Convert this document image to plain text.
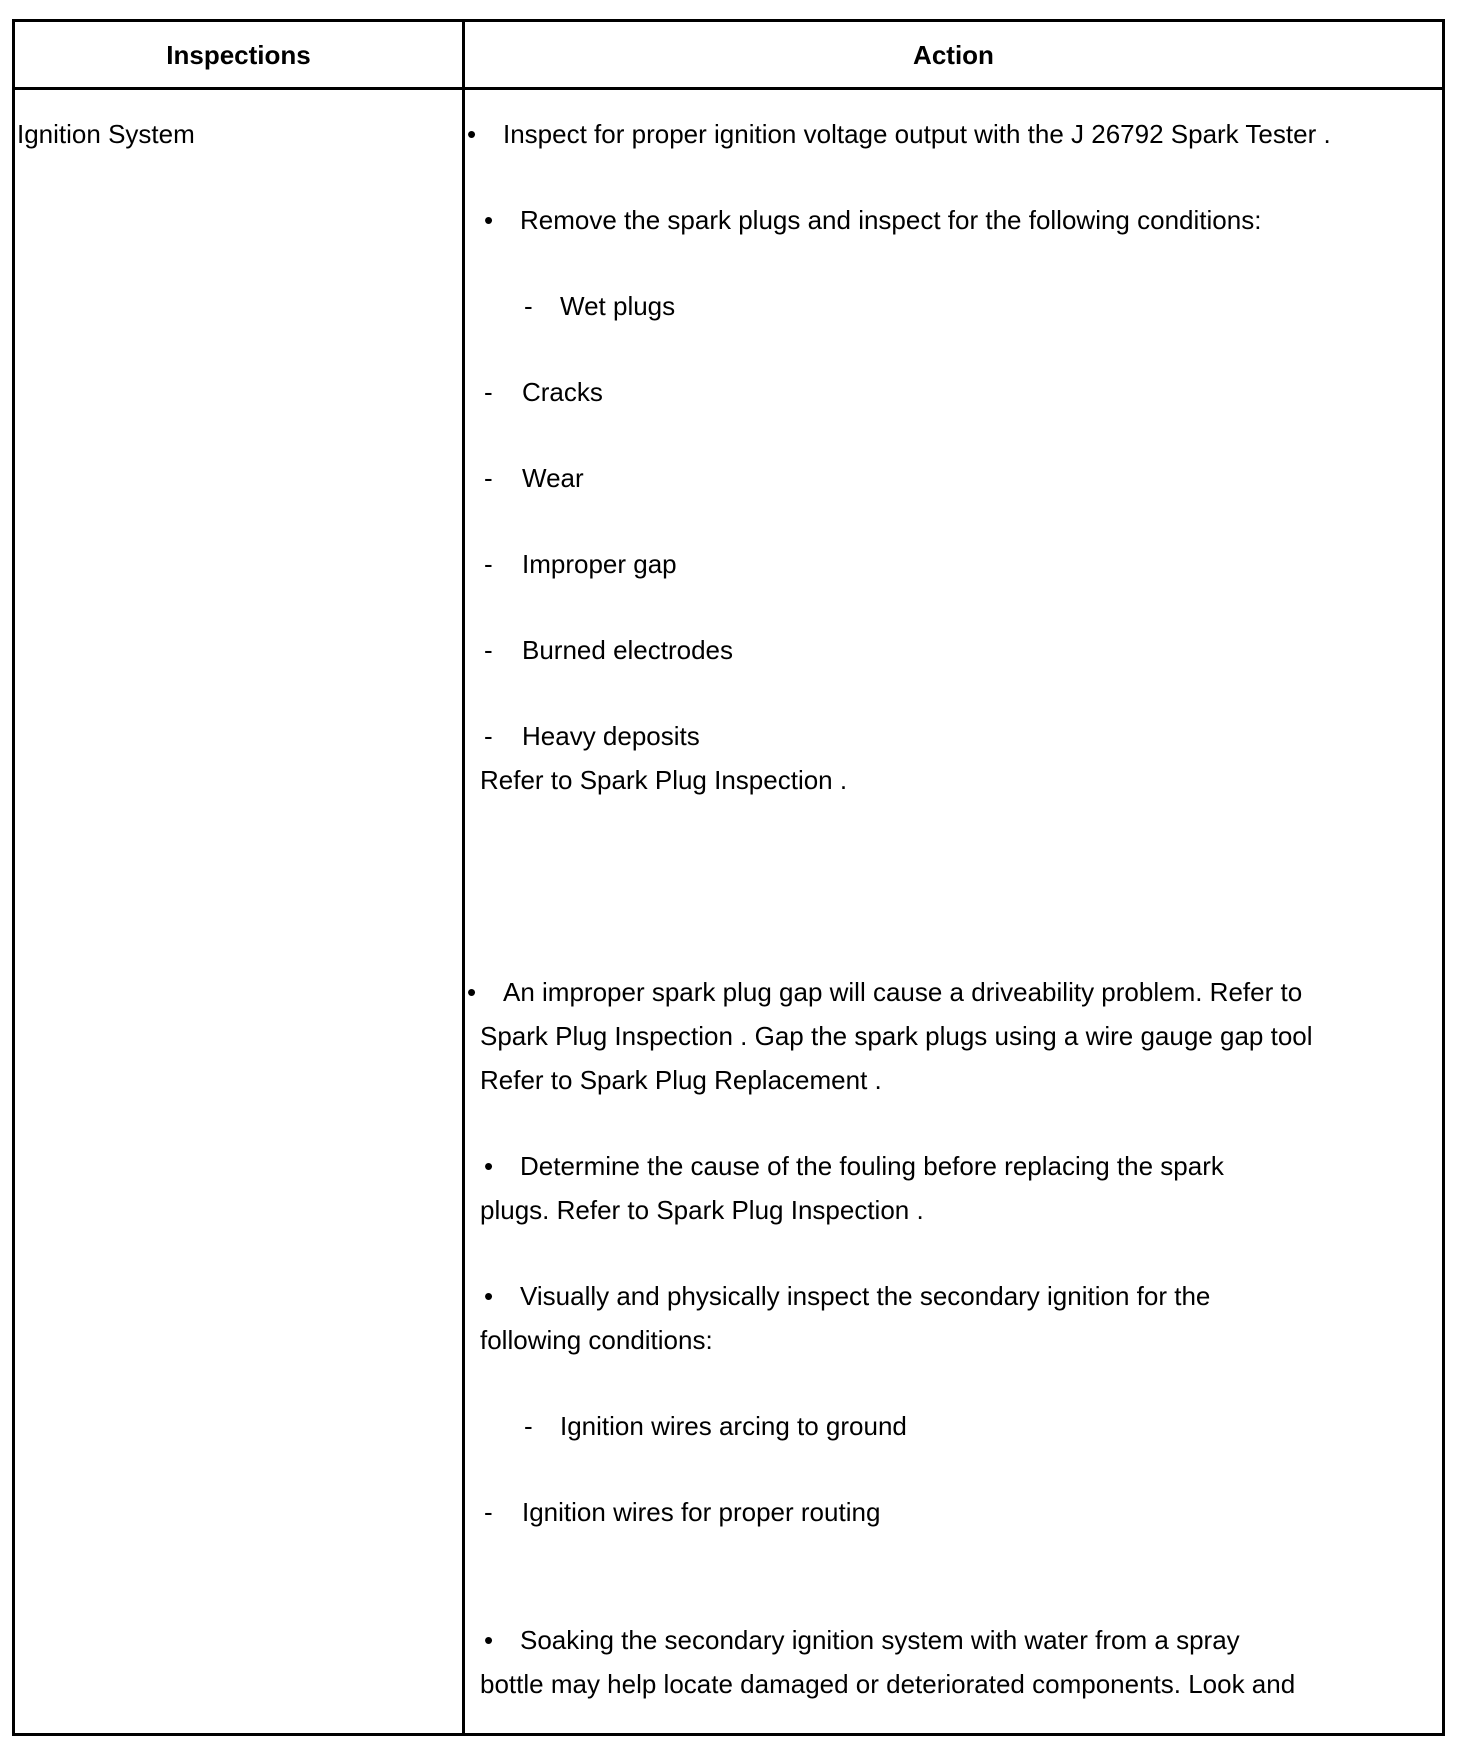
Inspections	Action
Ignition System	• Inspect for proper ignition voltage output with the J 26792 Spark Tester .
• Remove the spark plugs and inspect for the following conditions:
- Wet plugs
- Cracks
- Wear
- Improper gap
- Burned electrodes
- Heavy deposits
Refer to Spark Plug Inspection .
• An improper spark plug gap will cause a driveability problem. Refer to
Spark Plug Inspection . Gap the spark plugs using a wire gauge gap tool
Refer to Spark Plug Replacement .
• Determine the cause of the fouling before replacing the spark
plugs. Refer to Spark Plug Inspection .
• Visually and physically inspect the secondary ignition for the
following conditions:
- Ignition wires arcing to ground
- Ignition wires for proper routing
• Soaking the secondary ignition system with water from a spray
bottle may help locate damaged or deteriorated components. Look and
